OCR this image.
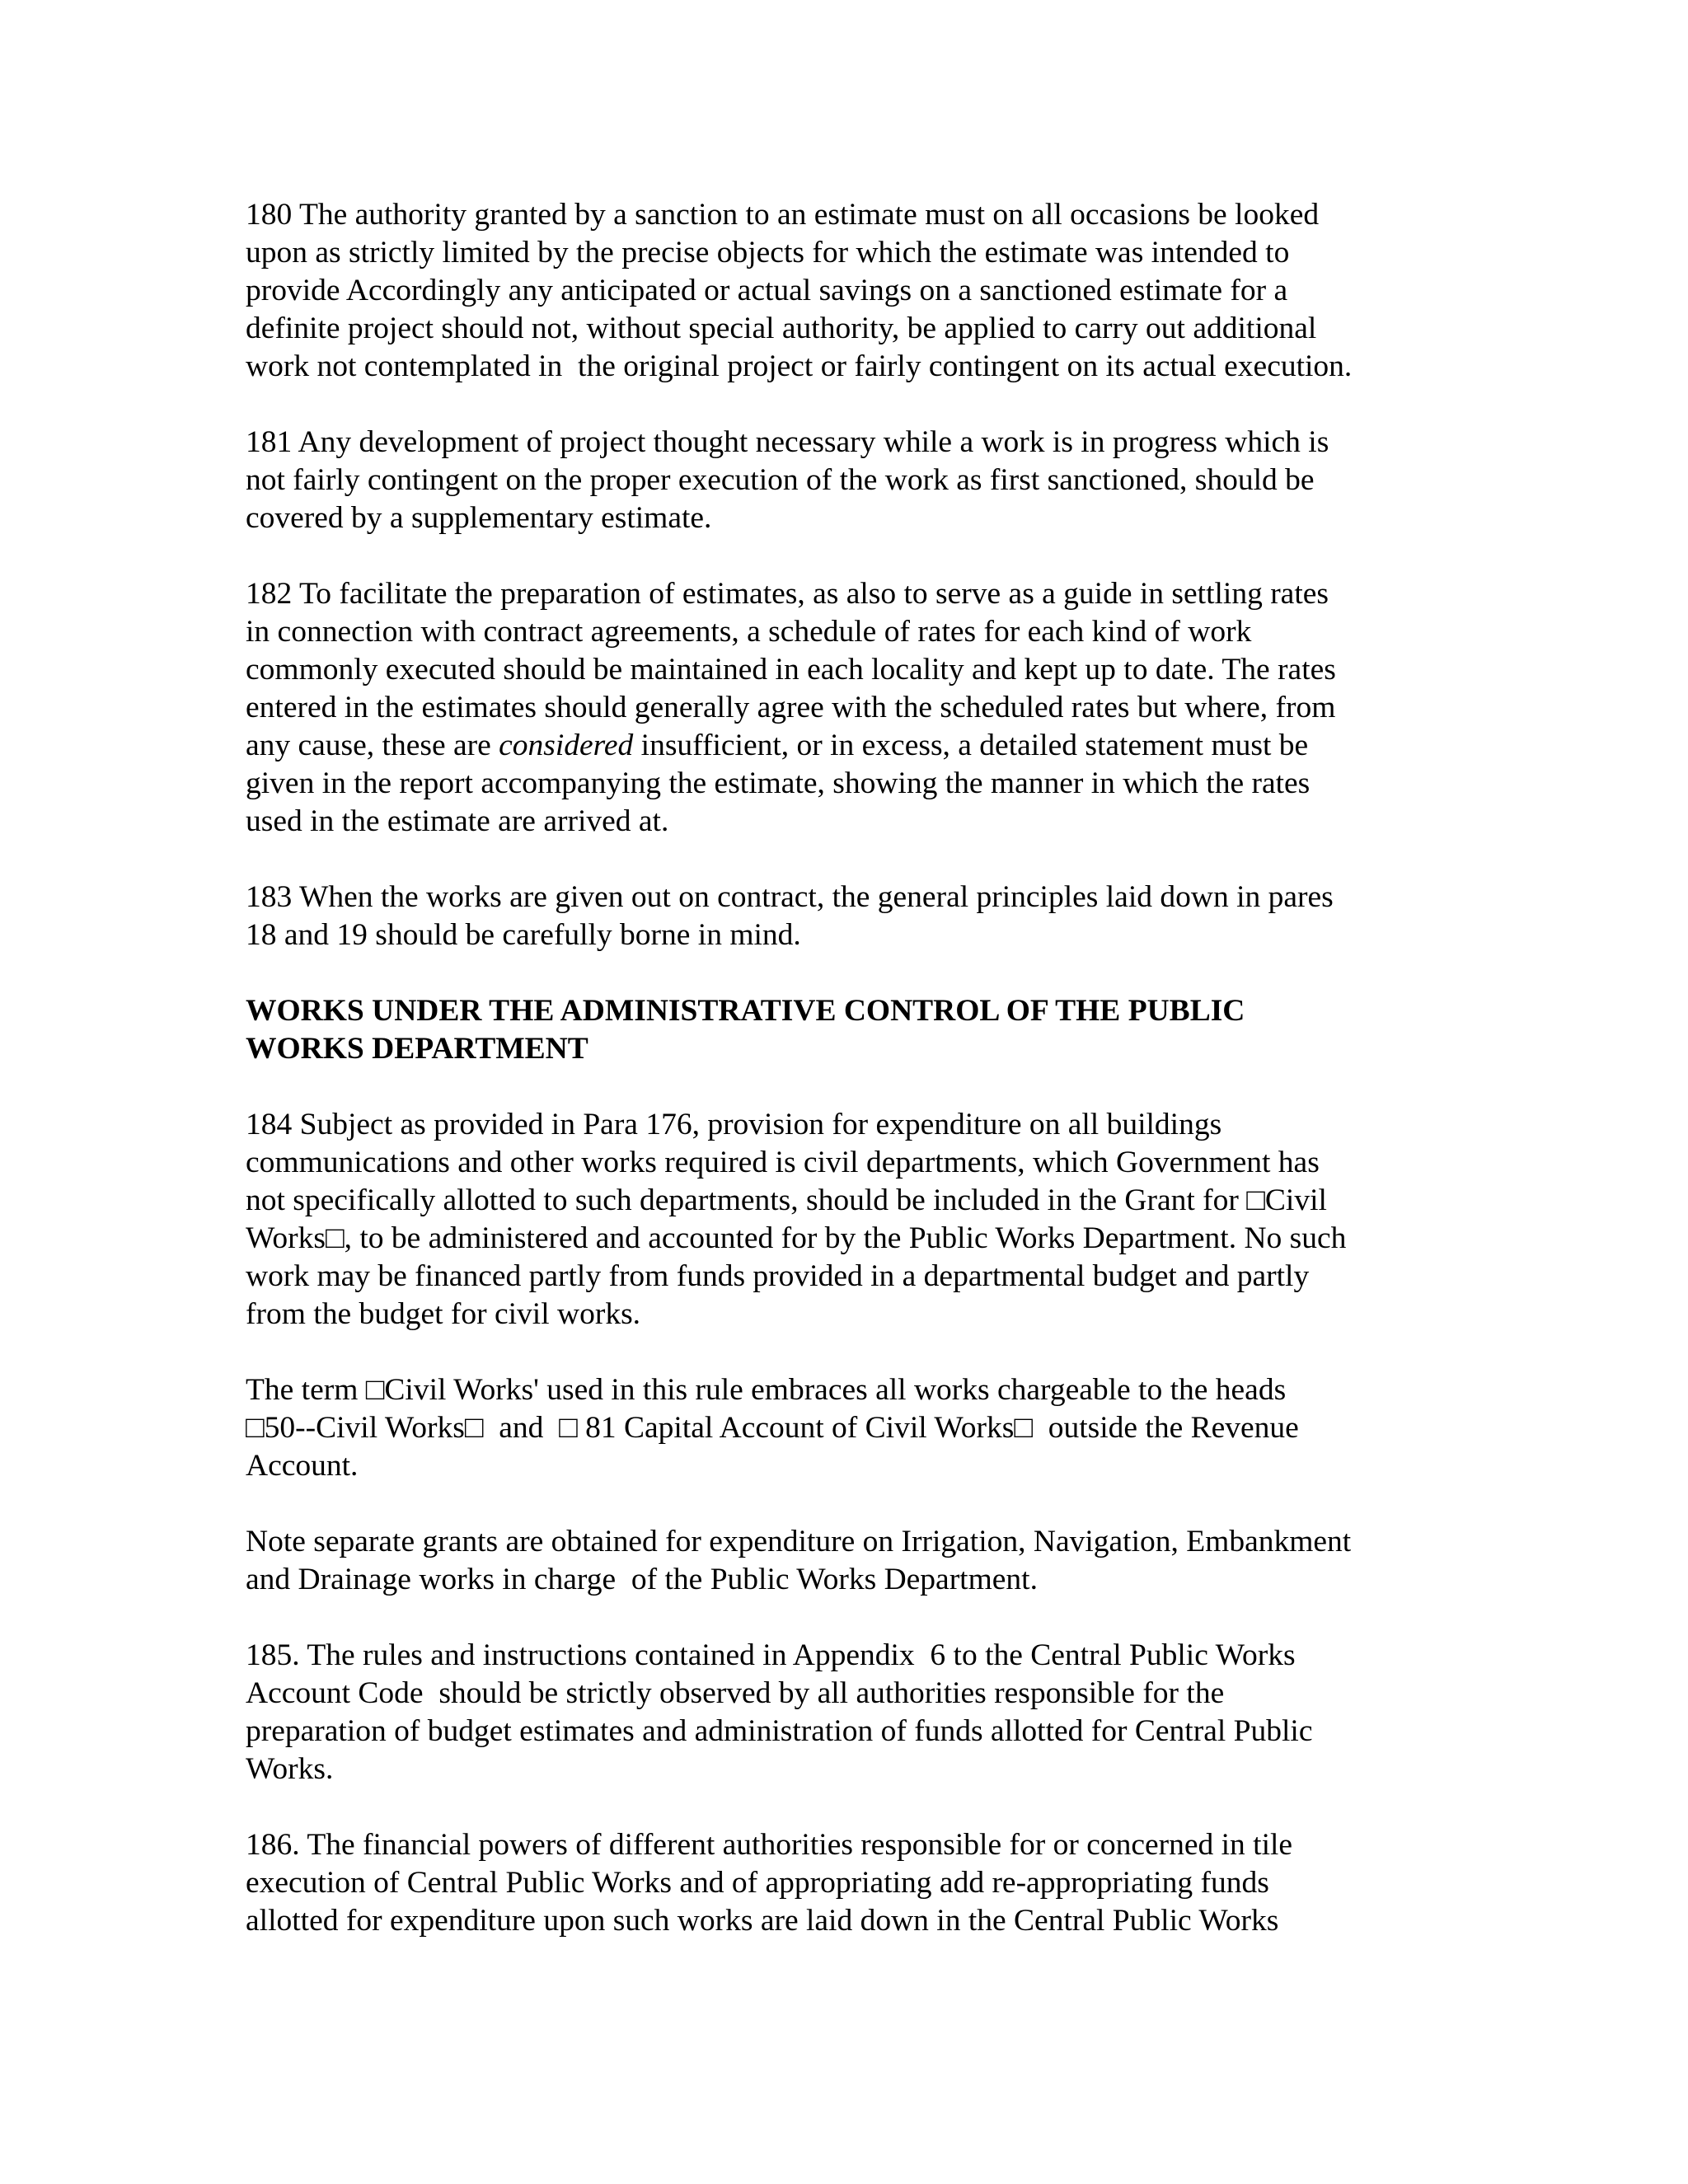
180 The authority granted by a sanction to an estimate must on all occasions be looked
upon as strictly limited by the precise objects for which the estimate was intended to
provide Accordingly any anticipated or actual savings on a sanctioned estimate for a
definite project should not, without special authority, be applied to carry out additional
work not contemplated in  the original project or fairly contingent on its actual execution.

181 Any development of project thought necessary while a work is in progress which is
not fairly contingent on the proper execution of the work as first sanctioned, should be
covered by a supplementary estimate.

182 To facilitate the preparation of estimates, as also to serve as a guide in settling rates
in connection with contract agreements, a schedule of rates for each kind of work
commonly executed should be maintained in each locality and kept up to date. The rates
entered in the estimates should generally agree with the scheduled rates but where, from
any cause, these are considered insufficient, or in excess, a detailed statement must be
given in the report accompanying the estimate, showing the manner in which the rates
used in the estimate are arrived at.

183 When the works are given out on contract, the general principles laid down in pares
18 and 19 should be carefully borne in mind.

WORKS UNDER THE ADMINISTRATIVE CONTROL OF THE PUBLIC
WORKS DEPARTMENT

184 Subject as provided in Para 176, provision for expenditure on all buildings
communications and other works required is civil departments, which Government has
not specifically allotted to such departments, should be included in the Grant for □Civil
Works□, to be administered and accounted for by the Public Works Department. No such
work may be financed partly from funds provided in a departmental budget and partly
from the budget for civil works.

The term □Civil Works' used in this rule embraces all works chargeable to the heads
□50--Civil Works□  and  □ 81 Capital Account of Civil Works□  outside the Revenue
Account.

Note separate grants are obtained for expenditure on Irrigation, Navigation, Embankment
and Drainage works in charge  of the Public Works Department.

185. The rules and instructions contained in Appendix  6 to the Central Public Works
Account Code  should be strictly observed by all authorities responsible for the
preparation of budget estimates and administration of funds allotted for Central Public
Works.

186. The financial powers of different authorities responsible for or concerned in tile
execution of Central Public Works and of appropriating add re-appropriating funds
allotted for expenditure upon such works are laid down in the Central Public Works
